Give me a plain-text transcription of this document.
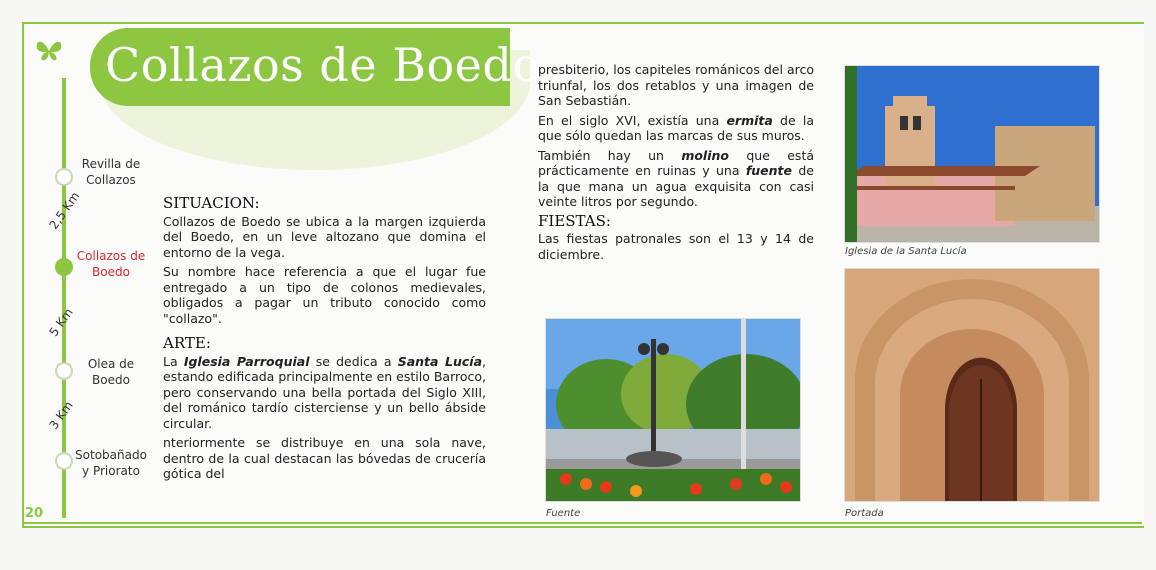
Collazos de Boedo
Revilla de Collazos
Collazos de Boedo
Olea de Boedo
Sotobañado y Priorato
2,5 Km
5 Km
3 Km
SITUACION:

Collazos de Boedo se ubica a la margen izquierda del Boedo, en un leve altozano que domina el entorno de la vega.

Su nombre hace referencia a que el lugar fue entregado a un tipo de colonos medievales, obligados a pagar un tributo conocido como "collazo".

ARTE:

La Iglesia Parroquial se dedica a Santa Lucía, estando edificada principalmente en estilo Barroco, pero conservando una bella portada del Siglo XIII, del románico tardío cisterciense y un bello ábside circular.

nteriormente se distribuye en una sola nave, dentro de la cual destacan las bóvedas de crucería gótica del

presbiterio, los capiteles románicos del arco triunfal, los dos retablos y una imagen de San Sebastián.

En el siglo XVI, existía una ermita de la que sólo quedan las marcas de sus muros.

También hay un molino que está prácticamente en ruinas y una fuente de la que mana un agua exquisita con casi veinte litros por segundo.

FIESTAS:

Las fiestas patronales son el 13 y 14 de diciembre.

Fuente
Iglesia de la Santa Lucía
Portada
20
